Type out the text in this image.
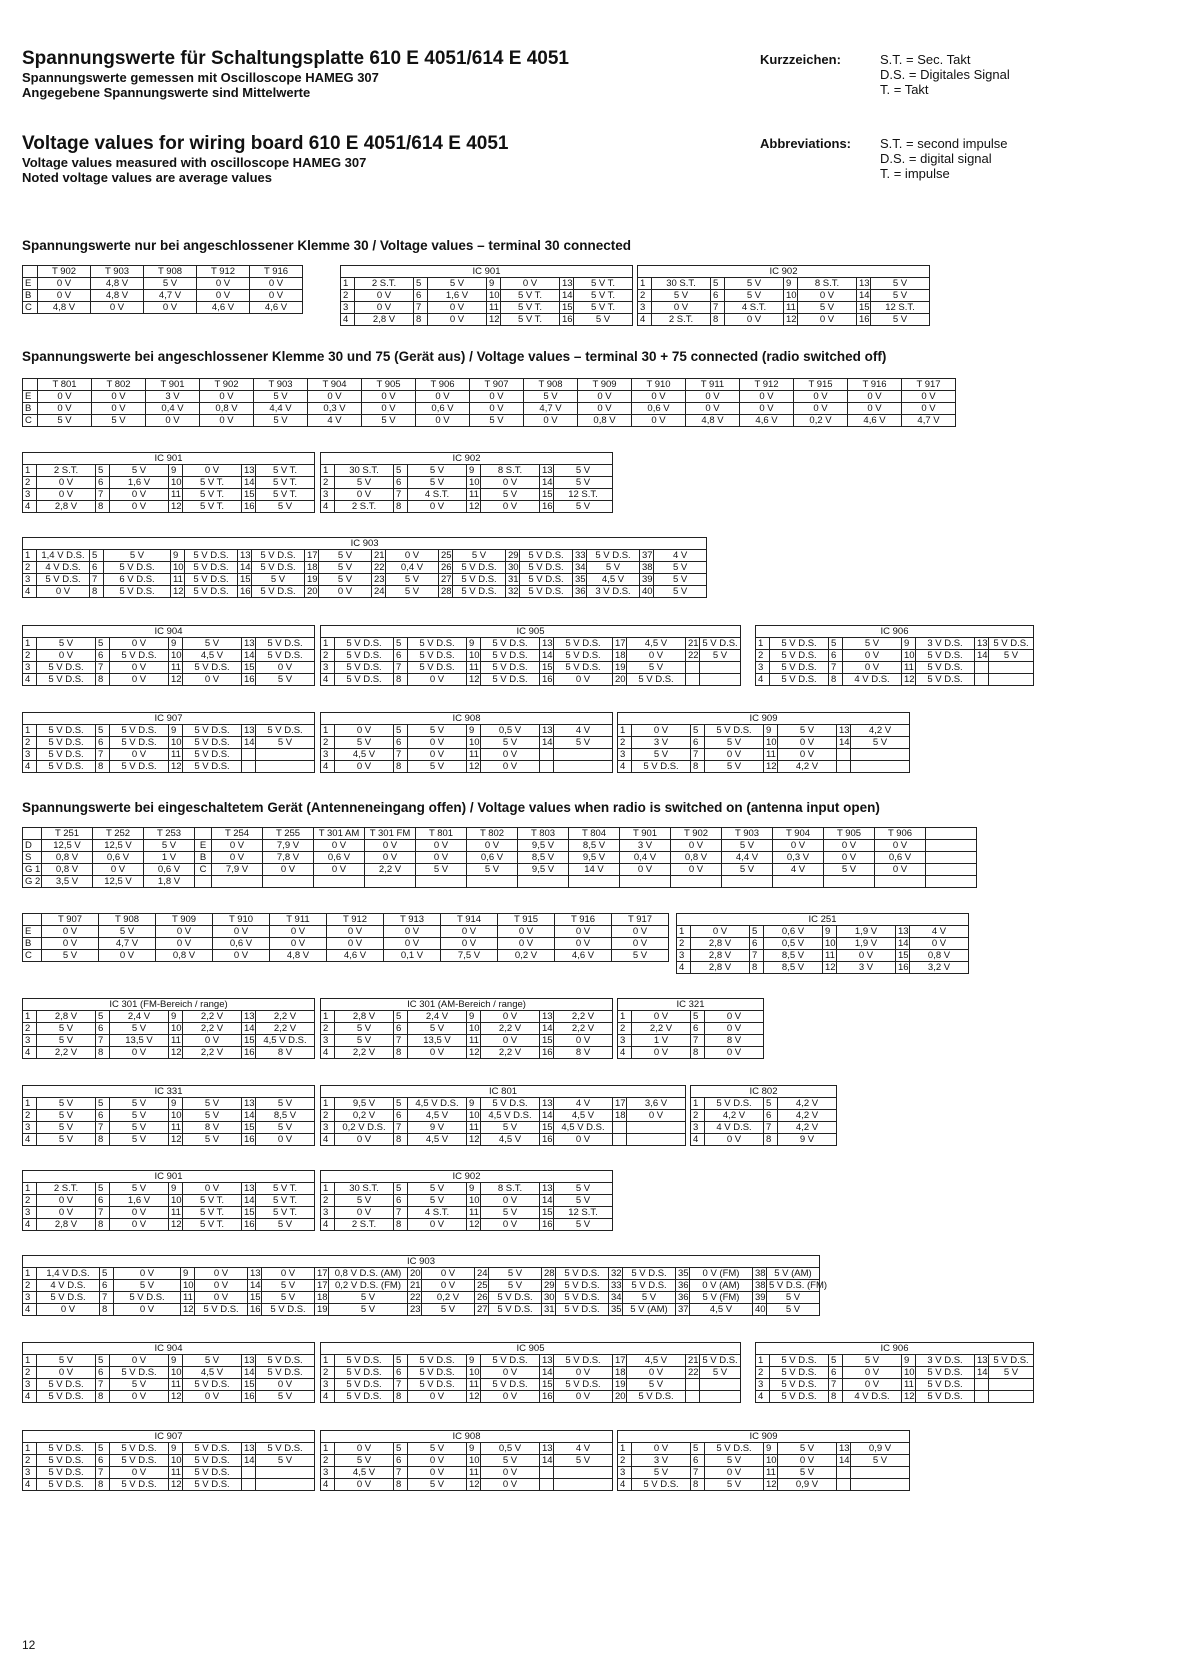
Spannungswerte für Schaltungsplatte 610 E 4051/614 E 4051
Spannungswerte gemessen mit Oscilloscope HAMEG 307
Angegebene Spannungswerte sind Mittelwerte
Kurzzeichen:	S.T. = Sec. Takt
D.S. = Digitales Signal
T. = Takt
Voltage values for wiring board 610 E 4051/614 E 4051
Voltage values measured with oscilloscope HAMEG 307
Noted voltage values are average values
Abbreviations: S.T. = second impulse
D.S. = digital signal
T. = impulse
Spannungswerte nur bei angeschlossener Klemme 30 / Voltage values – terminal 30 connected
Spannungswerte bei angeschlossener Klemme 30 und 75 (Gerät aus) / Voltage values – terminal 30 + 75 connected (radio switched off)
Spannungswerte bei eingeschaltetem Gerät (Antenneneingang offen) / Voltage values when radio is switched on (antenna input open)
	T 902	T 903	T 908	T 912	T 916
E	0 V	4,8 V	5 V	0 V	0 V
B	0 V	4,8 V	4,7 V	0 V	0 V
C	4,8 V	0 V	0 V	4,6 V	4,6 V
IC 901							
1	2 S.T.	5	5 V	9	0 V	13	5 V T.
2	0 V	6	1,6 V	10	5 V T.	14	5 V T.
3	0 V	7	0 V	11	5 V T.	15	5 V T.
4	2,8 V	8	0 V	12	5 V T.	16	5 V
IC 902							
1	30 S.T.	5	5 V	9	8 S.T.	13	5 V
2	5 V	6	5 V	10	0 V	14	5 V
3	0 V	7	4 S.T.	11	5 V	15	12 S.T.
4	2 S.T.	8	0 V	12	0 V	16	5 V
	T 801	T 802	T 901	T 902	T 903	T 904	T 905	T 906	T 907	T 908	T 909	T 910	T 911	T 912	T 915	T 916	T 917
E	0 V	0 V	3 V	0 V	5 V	0 V	0 V	0 V	0 V	5 V	0 V	0 V	0 V	0 V	0 V	0 V	0 V
B	0 V	0 V	0,4 V	0,8 V	4,4 V	0,3 V	0 V	0,6 V	0 V	4,7 V	0 V	0,6 V	0 V	0 V	0 V	0 V	0 V
C	5 V	5 V	0 V	0 V	5 V	4 V	5 V	0 V	5 V	0 V	0,8 V	0 V	4,8 V	4,6 V	0,2 V	4,6 V	4,7 V
IC 901							
1	2 S.T.	5	5 V	9	0 V	13	5 V T.
2	0 V	6	1,6 V	10	5 V T.	14	5 V T.
3	0 V	7	0 V	11	5 V T.	15	5 V T.
4	2,8 V	8	0 V	12	5 V T.	16	5 V
IC 902							
1	30 S.T.	5	5 V	9	8 S.T.	13	5 V
2	5 V	6	5 V	10	0 V	14	5 V
3	0 V	7	4 S.T.	11	5 V	15	12 S.T.
4	2 S.T.	8	0 V	12	0 V	16	5 V
IC 903																			
1	1,4 V D.S.	5	5 V	9	5 V D.S.	13	5 V D.S.	17	5 V	21	0 V	25	5 V	29	5 V D.S.	33	5 V D.S.	37	4 V
2	4 V D.S.	6	5 V D.S.	10	5 V D.S.	14	5 V D.S.	18	5 V	22	0,4 V	26	5 V D.S.	30	5 V D.S.	34	5 V	38	5 V
3	5 V D.S.	7	6 V D.S.	11	5 V D.S.	15	5 V	19	5 V	23	5 V	27	5 V D.S.	31	5 V D.S.	35	4,5 V	39	5 V
4	0 V	8	5 V D.S.	12	5 V D.S.	16	5 V D.S.	20	0 V	24	5 V	28	5 V D.S.	32	5 V D.S.	36	3 V D.S.	40	5 V
IC 904							
1	5 V	5	0 V	9	5 V	13	5 V D.S.
2	0 V	6	5 V D.S.	10	4,5 V	14	5 V D.S.
3	5 V D.S.	7	0 V	11	5 V D.S.	15	0 V
4	5 V D.S.	8	0 V	12	0 V	16	5 V
IC 905											
1	5 V D.S.	5	5 V D.S.	9	5 V D.S.	13	5 V D.S.	17	4,5 V	21	5 V D.S.
2	5 V D.S.	6	5 V D.S.	10	5 V D.S.	14	5 V D.S.	18	0 V	22	5 V
3	5 V D.S.	7	5 V D.S.	11	5 V D.S.	15	5 V D.S.	19	5 V		
4	5 V D.S.	8	0 V	12	5 V D.S.	16	0 V	20	5 V D.S.		
IC 906							
1	5 V D.S.	5	5 V	9	3 V D.S.	13	5 V D.S.
2	5 V D.S.	6	0 V	10	5 V D.S.	14	5 V
3	5 V D.S.	7	0 V	11	5 V D.S.		
4	5 V D.S.	8	4 V D.S.	12	5 V D.S.		
IC 907							
1	5 V D.S.	5	5 V D.S.	9	5 V D.S.	13	5 V D.S.
2	5 V D.S.	6	5 V D.S.	10	5 V D.S.	14	5 V
3	5 V D.S.	7	0 V	11	5 V D.S.		
4	5 V D.S.	8	5 V D.S.	12	5 V D.S.		
IC 908							
1	0 V	5	5 V	9	0,5 V	13	4 V
2	5 V	6	0 V	10	5 V	14	5 V
3	4,5 V	7	0 V	11	0 V		
4	0 V	8	5 V	12	0 V		
IC 909							
1	0 V	5	5 V D.S.	9	5 V	13	4,2 V
2	3 V	6	5 V	10	0 V	14	5 V
3	5 V	7	0 V	11	0 V		
4	5 V D.S.	8	5 V	12	4,2 V		
	T 251	T 252	T 253		T 254	T 255	T 301 AM	T 301 FM	T 801	T 802	T 803	T 804	T 901	T 902	T 903	T 904	T 905	T 906	
D	12,5 V	12,5 V	5 V	E	0 V	7,9 V	0 V	0 V	0 V	0 V	9,5 V	8,5 V	3 V	0 V	5 V	0 V	0 V	0 V	
S	0,8 V	0,6 V	1 V	B	0 V	7,8 V	0,6 V	0 V	0 V	0,6 V	8,5 V	9,5 V	0,4 V	0,8 V	4,4 V	0,3 V	0 V	0,6 V	
G 1	0,8 V	0 V	0,6 V	C	7,9 V	0 V	0 V	2,2 V	5 V	5 V	9,5 V	14 V	0 V	0 V	5 V	4 V	5 V	0 V	
G 2	3,5 V	12,5 V	1,8 V																
	T 907	T 908	T 909	T 910	T 911	T 912	T 913	T 914	T 915	T 916	T 917
E	0 V	5 V	0 V	0 V	0 V	0 V	0 V	0 V	0 V	0 V	0 V
B	0 V	4,7 V	0 V	0,6 V	0 V	0 V	0 V	0 V	0 V	0 V	0 V
C	5 V	0 V	0,8 V	0 V	4,8 V	4,6 V	0,1 V	7,5 V	0,2 V	4,6 V	5 V
IC 251							
1	0 V	5	0,6 V	9	1,9 V	13	4 V
2	2,8 V	6	0,5 V	10	1,9 V	14	0 V
3	2,8 V	7	8,5 V	11	0 V	15	0,8 V
4	2,8 V	8	8,5 V	12	3 V	16	3,2 V
IC 301 (FM-Bereich / range)							
1	2,8 V	5	2,4 V	9	2,2 V	13	2,2 V
2	5 V	6	5 V	10	2,2 V	14	2,2 V
3	5 V	7	13,5 V	11	0 V	15	4,5 V D.S.
4	2,2 V	8	0 V	12	2,2 V	16	8 V
IC 301 (AM-Bereich / range)							
1	2,8 V	5	2,4 V	9	0 V	13	2,2 V
2	5 V	6	5 V	10	2,2 V	14	2,2 V
3	5 V	7	13,5 V	11	0 V	15	0 V
4	2,2 V	8	0 V	12	2,2 V	16	8 V
IC 321			
1	0 V	5	0 V
2	2,2 V	6	0 V
3	1 V	7	8 V
4	0 V	8	0 V
IC 331							
1	5 V	5	5 V	9	5 V	13	5 V
2	5 V	6	5 V	10	5 V	14	8,5 V
3	5 V	7	5 V	11	8 V	15	5 V
4	5 V	8	5 V	12	5 V	16	0 V
IC 801									
1	9,5 V	5	4,5 V D.S.	9	5 V D.S.	13	4 V	17	3,6 V
2	0,2 V	6	4,5 V	10	4,5 V D.S.	14	4,5 V	18	0 V
3	0,2 V D.S.	7	9 V	11	5 V	15	4,5 V D.S.		
4	0 V	8	4,5 V	12	4,5 V	16	0 V		
IC 802			
1	5 V D.S.	5	4,2 V
2	4,2 V	6	4,2 V
3	4 V D.S.	7	4,2 V
4	0 V	8	9 V
IC 901							
1	2 S.T.	5	5 V	9	0 V	13	5 V T.
2	0 V	6	1,6 V	10	5 V T.	14	5 V T.
3	0 V	7	0 V	11	5 V T.	15	5 V T.
4	2,8 V	8	0 V	12	5 V T.	16	5 V
IC 902							
1	30 S.T.	5	5 V	9	8 S.T.	13	5 V
2	5 V	6	5 V	10	0 V	14	5 V
3	0 V	7	4 S.T.	11	5 V	15	12 S.T.
4	2 S.T.	8	0 V	12	0 V	16	5 V
IC 903																					
1	1,4 V D.S.	5	0 V	9	0 V	13	0 V	17	0,8 V D.S. (AM)	20	0 V	24	5 V	28	5 V D.S.	32	5 V D.S.	35	0 V (FM)	38	5 V (AM)
2	4 V D.S.	6	5 V	10	0 V	14	5 V	17	0,2 V D.S. (FM)	21	0 V	25	5 V	29	5 V D.S.	33	5 V D.S.	36	0 V (AM)	38	5 V D.S. (FM)
3	5 V D.S.	7	5 V D.S.	11	0 V	15	5 V	18	5 V	22	0,2 V	26	5 V D.S.	30	5 V D.S.	34	5 V	36	5 V (FM)	39	5 V
4	0 V	8	0 V	12	5 V D.S.	16	5 V D.S.	19	5 V	23	5 V	27	5 V D.S.	31	5 V D.S.	35	5 V (AM)	37	4,5 V	40	5 V
IC 904							
1	5 V	5	0 V	9	5 V	13	5 V D.S.
2	0 V	6	5 V D.S.	10	4,5 V	14	5 V D.S.
3	5 V D.S.	7	5 V	11	5 V D.S.	15	0 V
4	5 V D.S.	8	0 V	12	0 V	16	5 V
IC 905											
1	5 V D.S.	5	5 V D.S.	9	5 V D.S.	13	5 V D.S.	17	4,5 V	21	5 V D.S.
2	5 V D.S.	6	5 V D.S.	10	0 V	14	0 V	18	0 V	22	5 V
3	5 V D.S.	7	5 V D.S.	11	5 V D.S.	15	5 V D.S.	19	5 V		
4	5 V D.S.	8	0 V	12	0 V	16	0 V	20	5 V D.S.		
IC 906							
1	5 V D.S.	5	5 V	9	3 V D.S.	13	5 V D.S.
2	5 V D.S.	6	0 V	10	5 V D.S.	14	5 V
3	5 V D.S.	7	0 V	11	5 V D.S.		
4	5 V D.S.	8	4 V D.S.	12	5 V D.S.		
IC 907							
1	5 V D.S.	5	5 V D.S.	9	5 V D.S.	13	5 V D.S.
2	5 V D.S.	6	5 V D.S.	10	5 V D.S.	14	5 V
3	5 V D.S.	7	0 V	11	5 V D.S.		
4	5 V D.S.	8	5 V D.S.	12	5 V D.S.		
IC 908							
1	0 V	5	5 V	9	0,5 V	13	4 V
2	5 V	6	0 V	10	5 V	14	5 V
3	4,5 V	7	0 V	11	0 V		
4	0 V	8	5 V	12	0 V		
IC 909							
1	0 V	5	5 V D.S.	9	5 V	13	0,9 V
2	3 V	6	5 V	10	0 V	14	5 V
3	5 V	7	0 V	11	5 V		
4	5 V D.S.	8	5 V	12	0,9 V		
12
